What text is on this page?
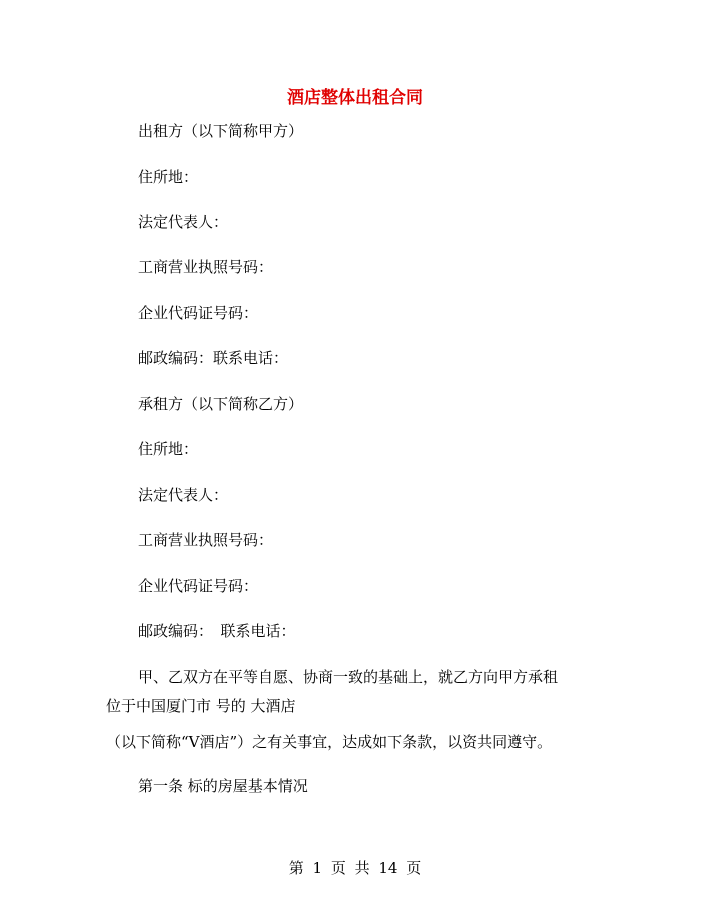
酒店整体出租合同
出租方（以下简称甲方）
住所地：
法定代表人：
工商营业执照号码：
企业代码证号码：
邮政编码：联系电话：
承租方（以下简称乙方）
住所地：
法定代表人：
工商营业执照号码：
企业代码证号码：
邮政编码：　联系电话：
甲、乙双方在平等自愿、协商一致的基础上，就乙方向甲方承租
位于中国厦门市 号的 大酒店
（以下简称“V酒店”）之有关事宜，达成如下条款，以资共同遵守。
第一条 标的房屋基本情况
第 1 页 共 14 页
